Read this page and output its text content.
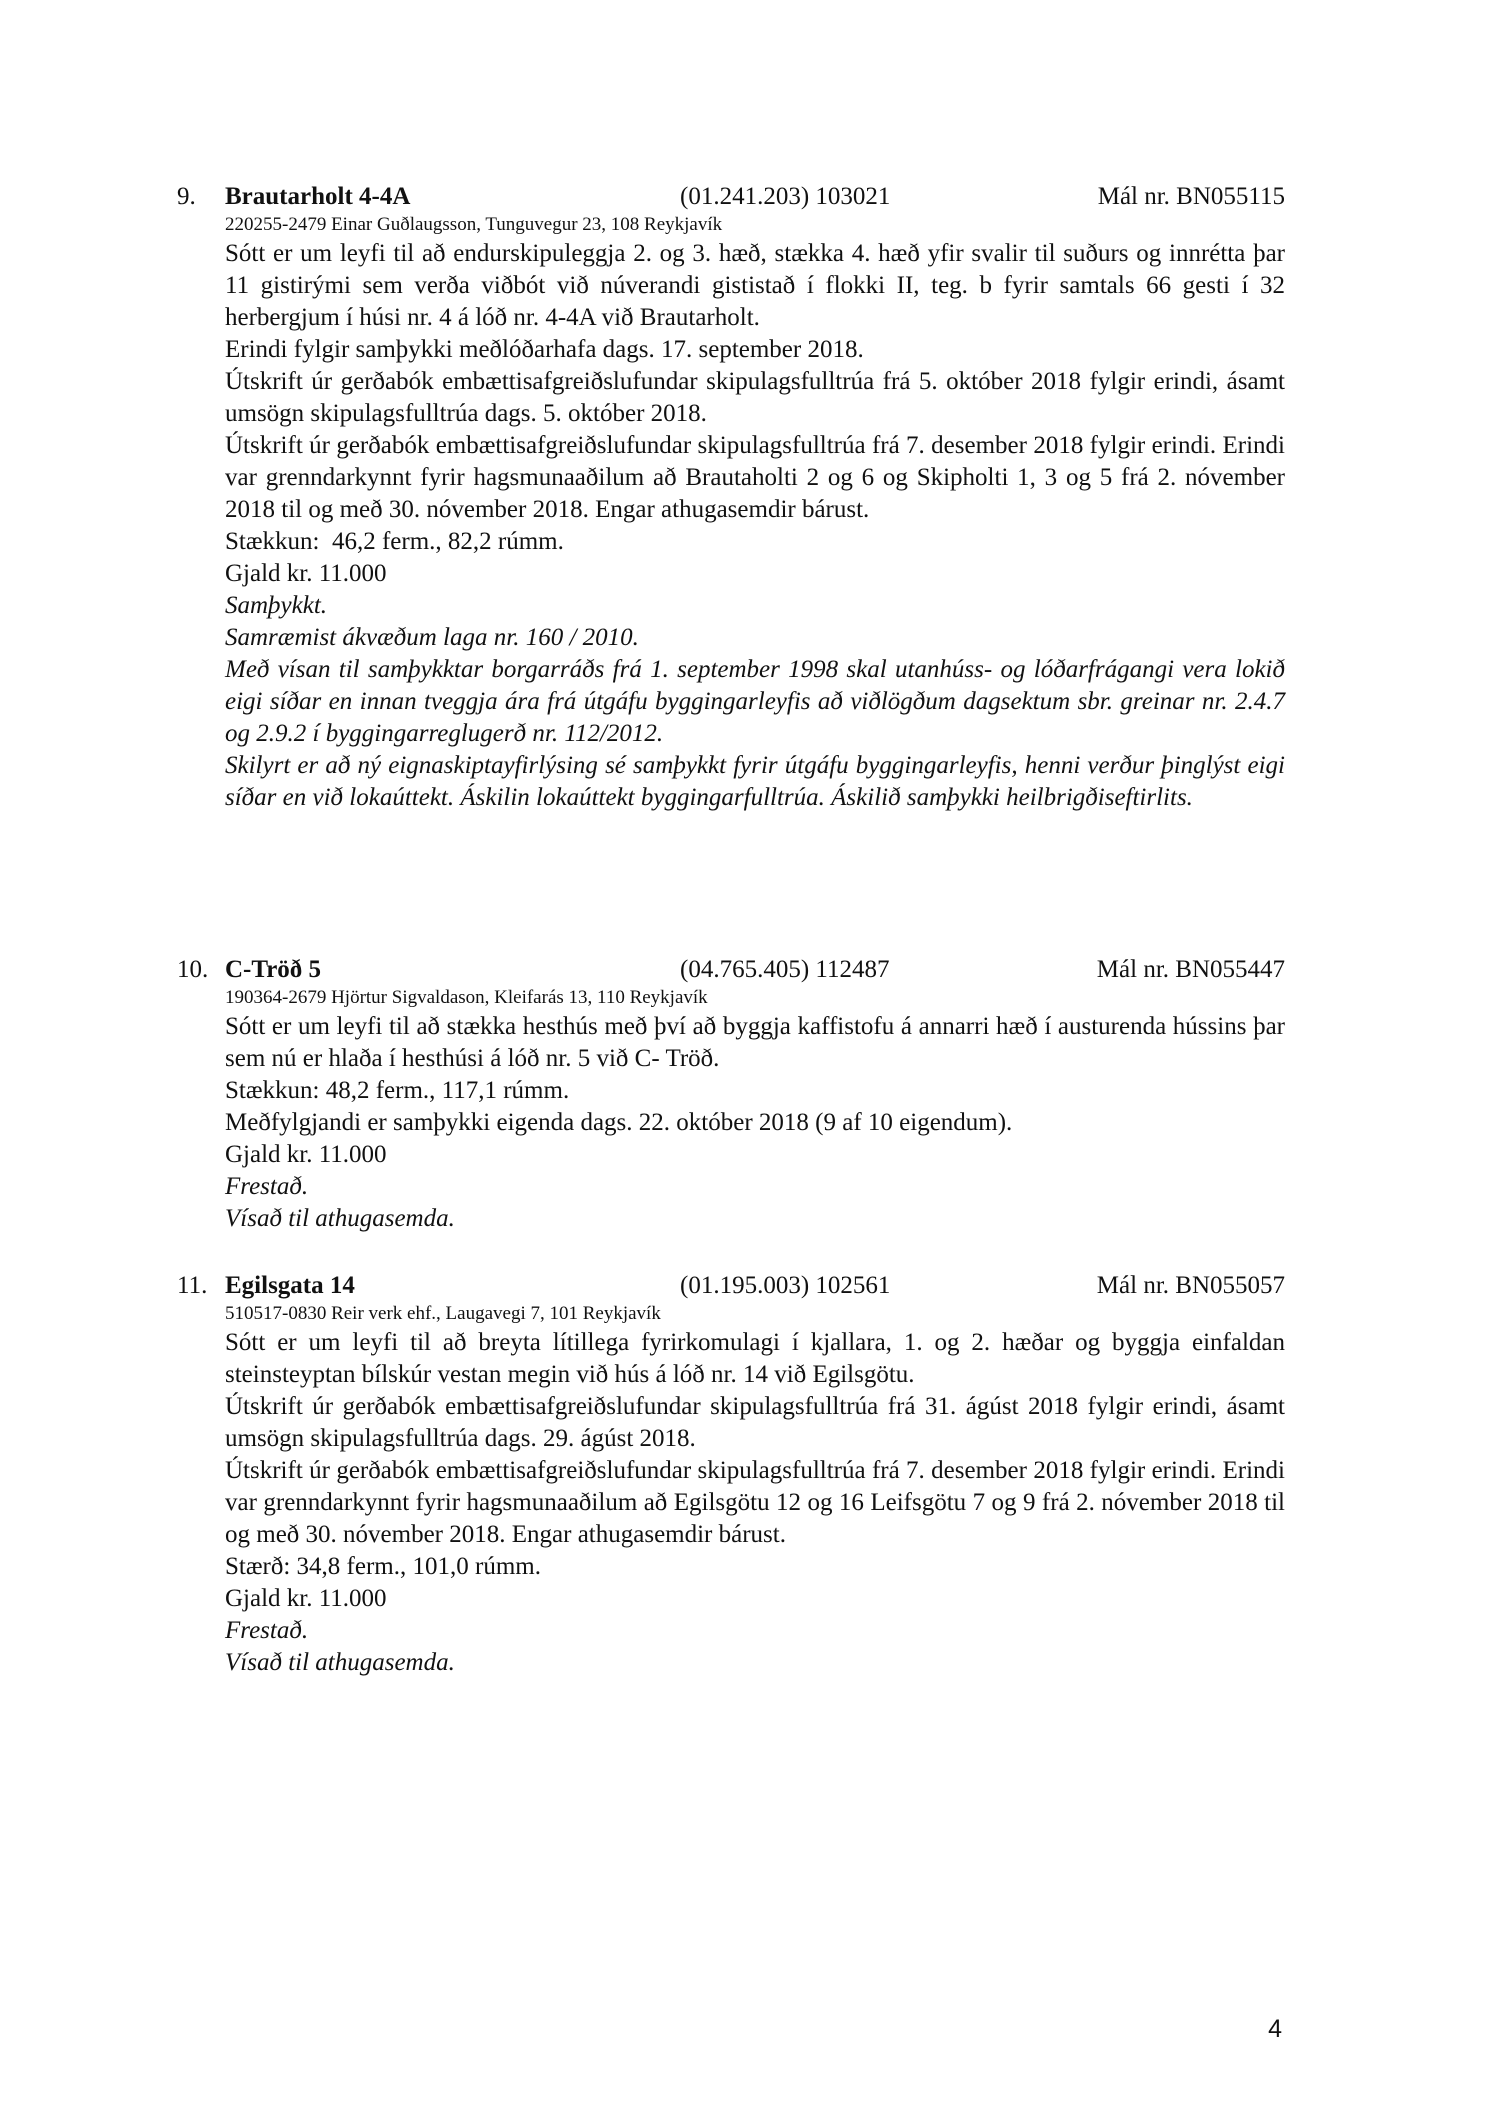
9. Brautarholt 4-4A	(01.241.203) 103021	Mál nr. BN055115
220255-2479 Einar Guðlaugsson, Tunguvegur 23, 108 Reykjavík

Sótt er um leyfi til að endurskipuleggja 2. og 3. hæð, stækka 4. hæð yfir svalir til suðurs og innrétta þar 11 gistirými sem verða viðbót við núverandi gististað í flokki II, teg. b fyrir samtals 66 gesti í 32 herbergjum í húsi nr. 4 á lóð nr. 4-4A við Brautarholt.

Erindi fylgir samþykki meðlóðarhafa dags. 17. september 2018.

Útskrift úr gerðabók embættisafgreiðslufundar skipulagsfulltrúa frá 5. október 2018 fylgir erindi, ásamt umsögn skipulagsfulltrúa dags. 5. október 2018.

Útskrift úr gerðabók embættisafgreiðslufundar skipulagsfulltrúa frá 7. desember 2018 fylgir erindi. Erindi var grenndarkynnt fyrir hagsmunaaðilum að Brautaholti 2 og 6 og Skipholti 1, 3 og 5 frá 2. nóvember 2018 til og með 30. nóvember 2018. Engar athugasemdir bárust.

Stækkun:  46,2 ferm., 82,2 rúmm.

Gjald kr. 11.000

Samþykkt.

Samræmist ákvæðum laga nr. 160 / 2010.

Með vísan til samþykktar borgarráðs frá 1. september 1998 skal utanhúss- og lóðarfrágangi vera lokið eigi síðar en innan tveggja ára frá útgáfu byggingarleyfis að viðlögðum dagsektum sbr. greinar nr. 2.4.7 og 2.9.2 í byggingarreglugerð nr. 112/2012.

Skilyrt er að ný eignaskiptayfirlýsing sé samþykkt fyrir útgáfu byggingarleyfis, henni verður þinglýst eigi síðar en við lokaúttekt. Áskilin lokaúttekt byggingarfulltrúa. Áskilið samþykki heilbrigðiseftirlits.

10. C-Tröð 5	(04.765.405) 112487	Mál nr. BN055447
190364-2679 Hjörtur Sigvaldason, Kleifarás 13, 110 Reykjavík

Sótt er um leyfi til að stækka hesthús með því að byggja kaffistofu á annarri hæð í austurenda hússins þar sem nú er hlaða í hesthúsi á lóð nr. 5 við C- Tröð.

Stækkun: 48,2 ferm., 117,1 rúmm.

Meðfylgjandi er samþykki eigenda dags. 22. október 2018 (9 af 10 eigendum).

Gjald kr. 11.000

Frestað.

Vísað til athugasemda.

11. Egilsgata 14	(01.195.003) 102561	Mál nr. BN055057
510517-0830 Reir verk ehf., Laugavegi 7, 101 Reykjavík

Sótt er um leyfi til að breyta lítillega fyrirkomulagi í kjallara, 1. og 2. hæðar og byggja einfaldan steinsteyptan bílskúr vestan megin við hús á lóð nr. 14 við Egilsgötu.

Útskrift úr gerðabók embættisafgreiðslufundar skipulagsfulltrúa frá 31. ágúst 2018 fylgir erindi, ásamt umsögn skipulagsfulltrúa dags. 29. ágúst 2018.

Útskrift úr gerðabók embættisafgreiðslufundar skipulagsfulltrúa frá 7. desember 2018 fylgir erindi. Erindi var grenndarkynnt fyrir hagsmunaaðilum að Egilsgötu 12 og 16 Leifsgötu 7 og 9 frá 2. nóvember 2018 til og með 30. nóvember 2018. Engar athugasemdir bárust.

Stærð: 34,8 ferm., 101,0 rúmm.

Gjald kr. 11.000

Frestað.

Vísað til athugasemda.

4
